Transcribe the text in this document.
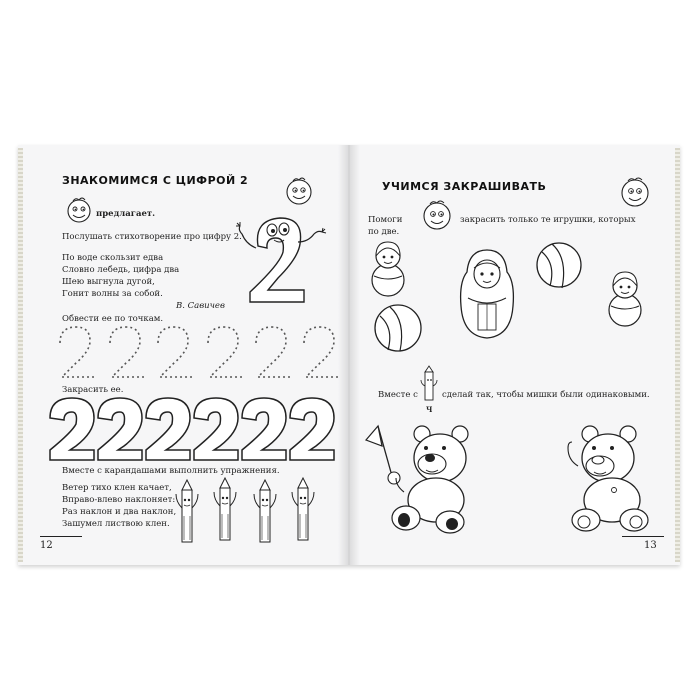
ЗНАКОМИМСЯ С ЦИФРОЙ 2
предлагает.
Послушать стихотворение про цифру 2.
По воде скользит едва
Словно лебедь, цифра два
Шею выгнула дугой,
Гонит волны за собой.
В. Савичев
Обвести ее по точкам.
Закрасить ее.
Вместе с карандашами выполнить упражнения.
Ветер тихо клен качает,
Вправо-влево наклоняет:
Раз наклон и два наклон,
Зашумел листвою клен.
12
УЧИМСЯ ЗАКРАШИВАТЬ
Помоги	закрасить только те игрушки, которых
по две.
Вместе с
Ч
сделай так, чтобы мишки были одинаковыми.
13
